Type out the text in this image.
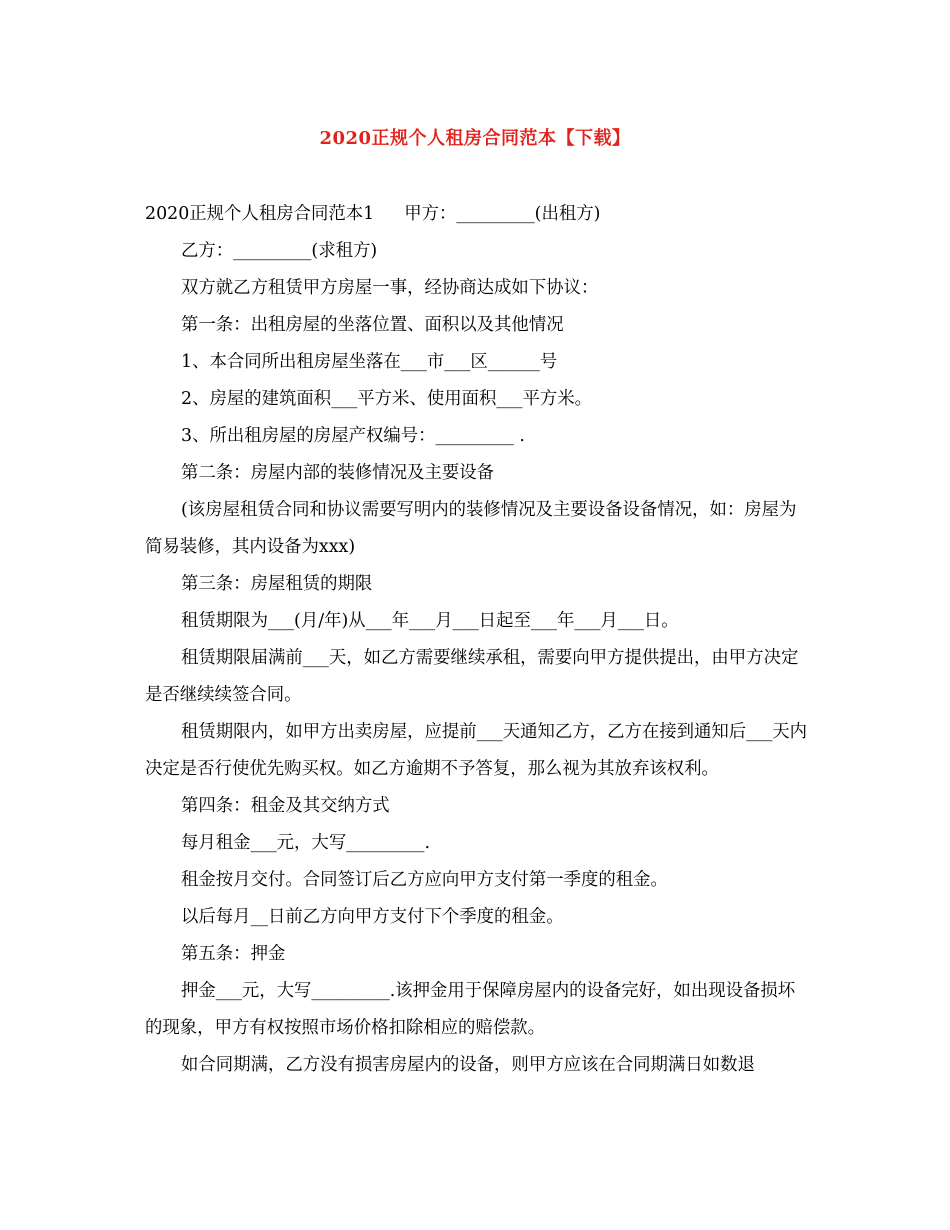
2020正规个人租房合同范本【下载】

2020正规个人租房合同范本1 甲方：_________(出租方)

乙方：_________(求租方)

双方就乙方租赁甲方房屋一事，经协商达成如下协议：

第一条：出租房屋的坐落位置、面积以及其他情况

1、本合同所出租房屋坐落在___市___区______号

2、房屋的建筑面积___平方米、使用面积___平方米。

3、所出租房屋的房屋产权编号：_________ .

第二条：房屋内部的装修情况及主要设备

(该房屋租赁合同和协议需要写明内的装修情况及主要设备设备情况，如：房屋为简易装修，其内设备为xxx)

第三条：房屋租赁的期限

租赁期限为___(月/年)从___年___月___日起至___年___月___日。

租赁期限届满前___天，如乙方需要继续承租，需要向甲方提供提出，由甲方决定是否继续续签合同。

租赁期限内，如甲方出卖房屋，应提前___天通知乙方，乙方在接到通知后___天内决定是否行使优先购买权。如乙方逾期不予答复，那么视为其放弃该权利。

第四条：租金及其交纳方式

每月租金___元，大写_________.

租金按月交付。合同签订后乙方应向甲方支付第一季度的租金。

以后每月__日前乙方向甲方支付下个季度的租金。

第五条：押金

押金___元，大写_________.该押金用于保障房屋内的设备完好，如出现设备损坏的现象，甲方有权按照市场价格扣除相应的赔偿款。

如合同期满，乙方没有损害房屋内的设备，则甲方应该在合同期满日如数退
